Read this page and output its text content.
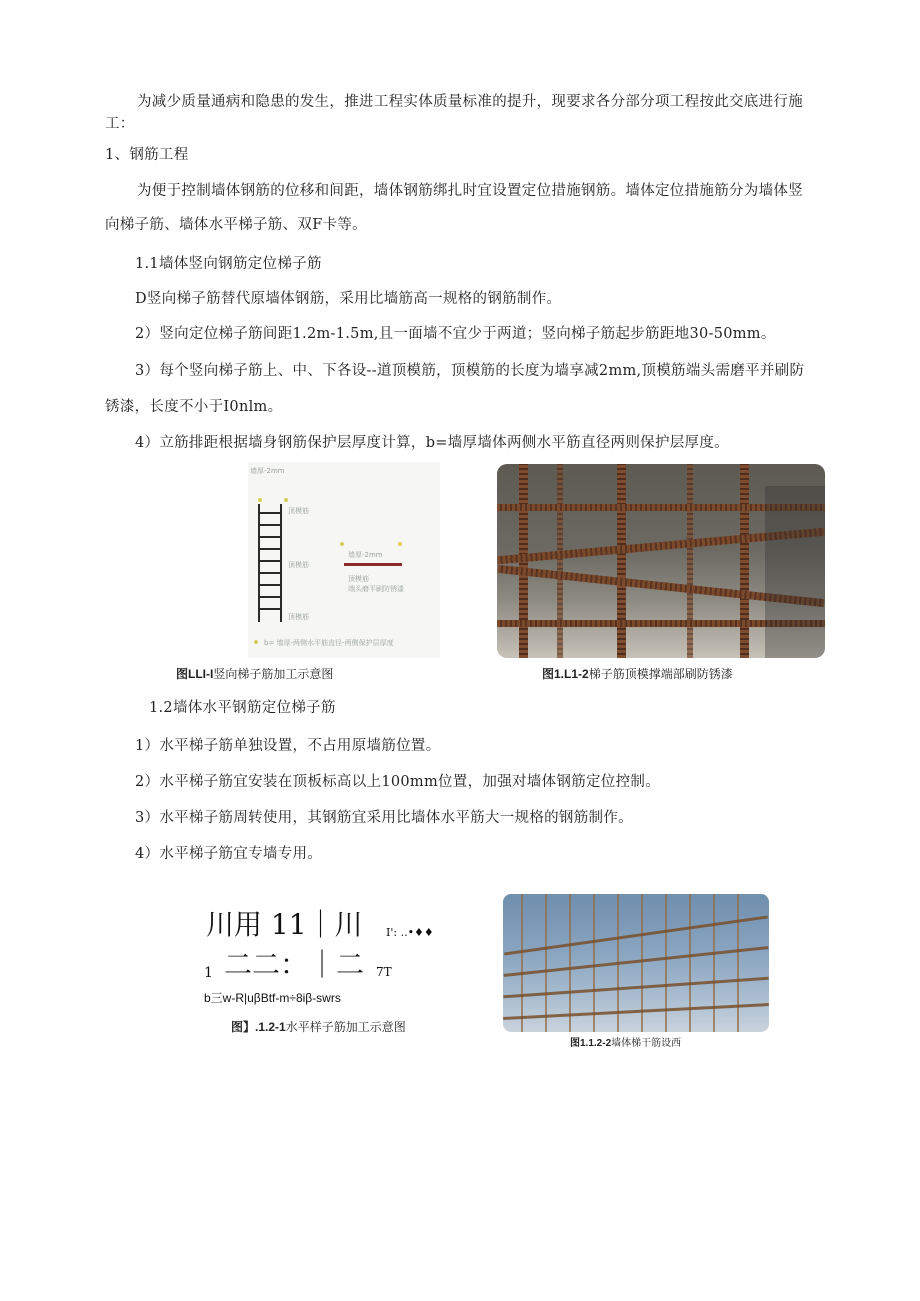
为减少质量通病和隐患的发生，推进工程实体质量标准的提升，现要求各分部分项工程按此交底进行施
工：
1、钢筋工程
为便于控制墙体钢筋的位移和间距，墙体钢筋绑扎时宜设置定位措施钢筋。墙体定位措施筋分为墙体竖
向梯子筋、墙体水平梯子筋、双F卡等。
1.1墙体竖向钢筋定位梯子筋
D竖向梯子筋替代原墙体钢筋，采用比墙筋高一规格的钢筋制作。
2）竖向定位梯子筋间距1.2m-1.5m,且一面墙不宜少于两道；竖向梯子筋起步筋距地30-50mm。
3）每个竖向梯子筋上、中、下各设--道顶模筋，顶模筋的长度为墙享减2mm,顶模筋端头需磨平并刷防
锈漆，长度不小于I0nlm。
4）立筋排距根据墙身钢筋保护层厚度计算，b=墙厚墙体两侧水平筋直径两则保护层厚度。
墙厚-2mm
顶模筋
顶模筋
顶模筋
墙厚-2mm
顶模筋
端头磨平刷防锈漆
b= 墙厚-两侧水平筋直径-两侧保护层厚度
图LLI-I竖向梯子筋加工示意图	图1.L1-2梯子筋顶模撑端部刷防锈漆
1.2墙体水平钢筋定位梯子筋
1）水平梯子筋单独设置，不占用原墙筋位置。
2）水平梯子筋宜安装在顶板标高以上100mm位置，加强对墙体钢筋定位控制。
3）水平梯子筋周转使用，其钢筋宜采用比墙体水平筋大一规格的钢筋制作。
4）水平梯子筋宜专墙专用。
川用 11｜川 I': ..•♦♦
1 二二：｜二 7T
b三w-R|uβBtf-m÷8iβ-swrs
图】.1.2-1水平样子筋加工示意图
图1.1.2-2墙体梯干筋设西
